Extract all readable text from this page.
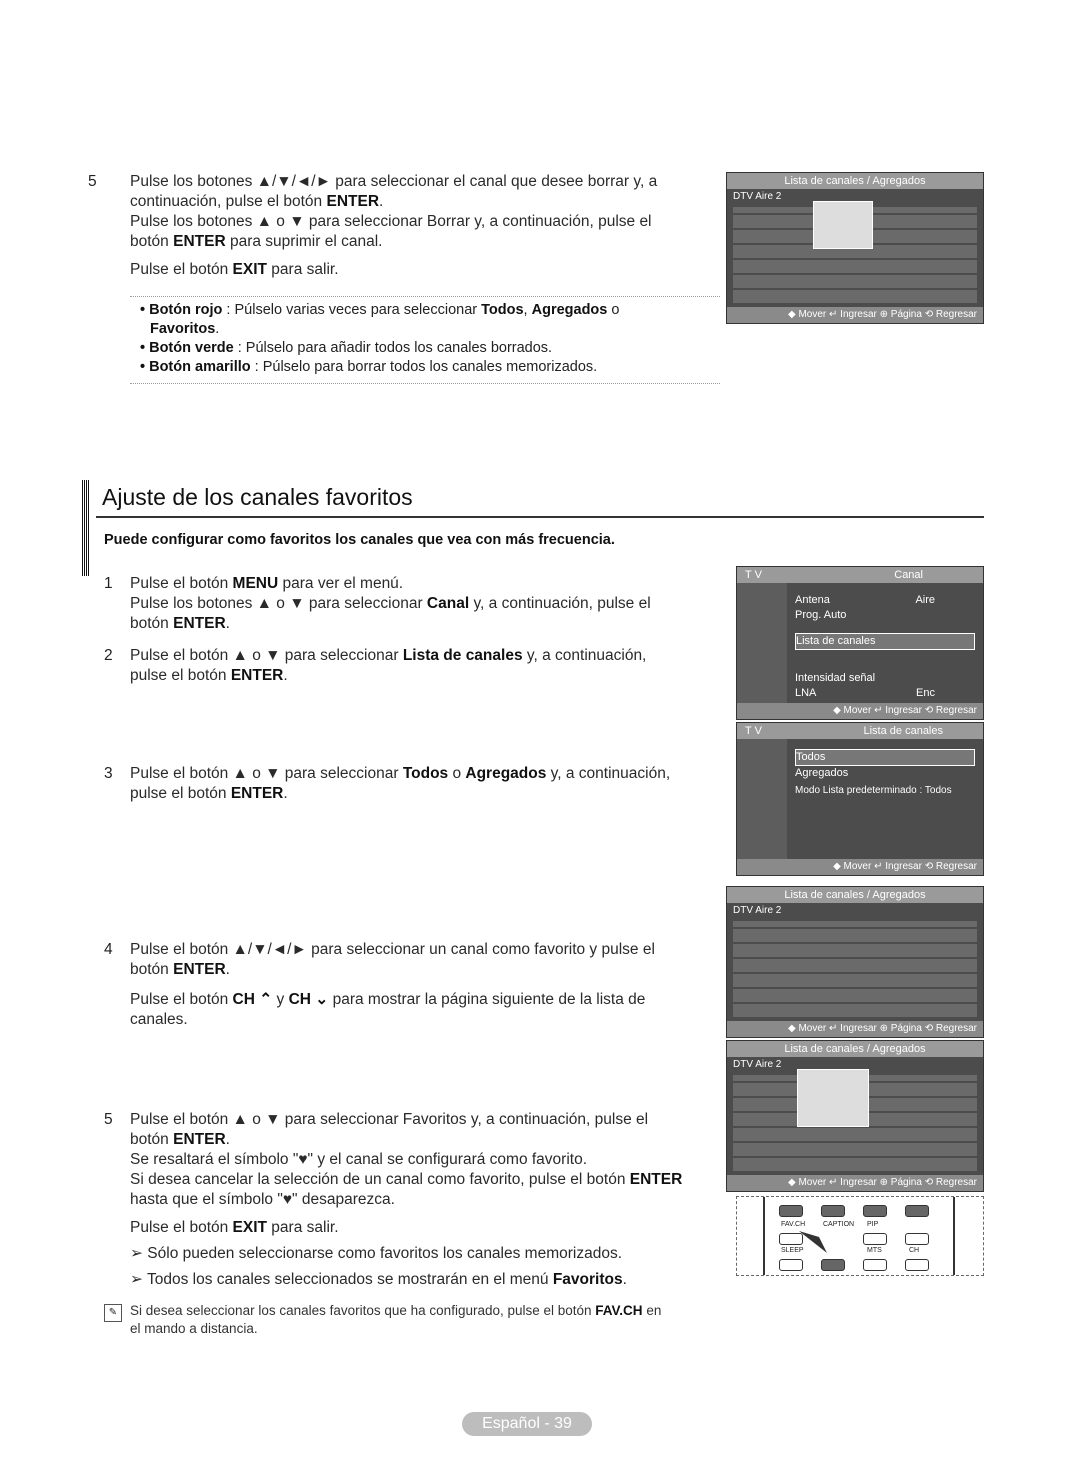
5 Pulse los botones ▲/▼/◄/► para seleccionar el canal que desee borrar y, a
continuación, pulse el botón ENTER.
Pulse los botones ▲ o ▼ para seleccionar Borrar y, a continuación, pulse el
botón ENTER para suprimir el canal.
Pulse el botón EXIT para salir.
• Botón rojo : Púlselo varias veces para seleccionar Todos, Agregados o
Favoritos.
• Botón verde : Púlselo para añadir todos los canales borrados.
• Botón amarillo : Púlselo para borrar todos los canales memorizados.
Lista de canales / Agregados
DTV Aire 2
◆ Mover ↵ Ingresar ⊕ Página ⟲ Regresar
Ajuste de los canales favoritos
Puede configurar como favoritos los canales que vea con más frecuencia.
1 Pulse el botón MENU para ver el menú.
Pulse los botones ▲ o ▼ para seleccionar Canal y, a continuación, pulse el
botón ENTER.
2 Pulse el botón ▲ o ▼ para seleccionar Lista de canales y, a continuación,
pulse el botón ENTER.
3 Pulse el botón ▲ o ▼ para seleccionar Todos o Agregados y, a continuación,
pulse el botón ENTER.
4 Pulse el botón ▲/▼/◄/► para seleccionar un canal como favorito y pulse el
botón ENTER.
Pulse el botón CH ⌃ y CH ⌄ para mostrar la página siguiente de la lista de
canales.
5 Pulse el botón ▲ o ▼ para seleccionar Favoritos y, a continuación, pulse el
botón ENTER.
Se resaltará el símbolo "♥" y el canal se configurará como favorito.
Si desea cancelar la selección de un canal como favorito, pulse el botón ENTER
hasta que el símbolo "♥" desaparezca.
Pulse el botón EXIT para salir.
➢ Sólo pueden seleccionarse como favoritos los canales memorizados.
➢ Todos los canales seleccionados se mostrarán en el menú Favoritos.
✎ Si desea seleccionar los canales favoritos que ha configurado, pulse el botón FAV.CH en
el mando a distancia.
T V	Canal
Antena	Aire
Prog. Auto
Lista de canales
Intensidad señal
LNA	Enc
◆ Mover ↵ Ingresar ⟲ Regresar
T V	Lista de canales
Todos
Agregados
Modo Lista predeterminado : Todos
◆ Mover ↵ Ingresar ⟲ Regresar
Lista de canales / Agregados
DTV Aire 2
◆ Mover ↵ Ingresar ⊕ Página ⟲ Regresar
Lista de canales / Agregados
DTV Aire 2
◆ Mover ↵ Ingresar ⊕ Página ⟲ Regresar
FAV.CH	CAPTION PIP
SLEEP	MTS	CH
Español - 39
